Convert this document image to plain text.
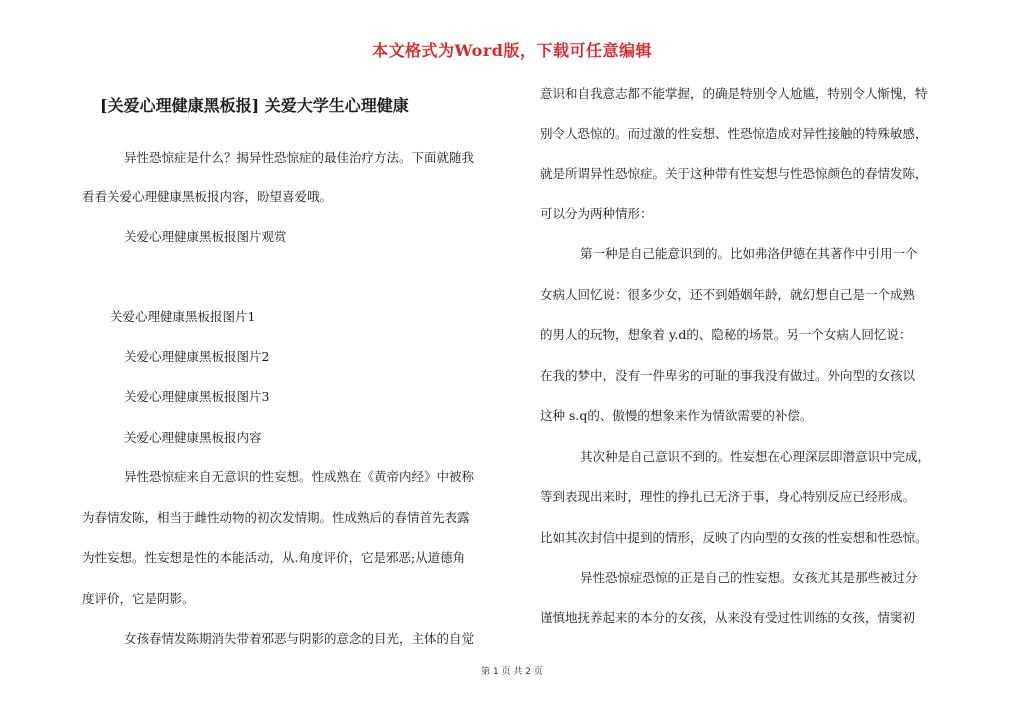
本文格式为Word版，下载可任意编辑
[关爱心理健康黑板报] 关爱大学生心理健康
异性恐惊症是什么？揭异性恐惊症的最佳治疗方法。下面就随我
看看关爱心理健康黑板报内容，盼望喜爱哦。
关爱心理健康黑板报图片观赏
关爱心理健康黑板报图片1
关爱心理健康黑板报图片2
关爱心理健康黑板报图片3
关爱心理健康黑板报内容
异性恐惊症来自无意识的性妄想。性成熟在《黄帝内经》中被称
为春情发陈，相当于雌性动物的初次发情期。性成熟后的春情首先表露
为性妄想。性妄想是性的本能活动，从.角度评价，它是邪恶;从道德角
度评价，它是阴影。
女孩春情发陈期消失带着邪恶与阴影的意念的目光，主体的自觉
意识和自我意志都不能掌握，的确是特别令人尬尴，特别令人惭愧，特
别令人恐惊的。而过激的性妄想、性恐惊造成对异性接触的特殊敏感，
就是所谓异性恐惊症。关于这种带有性妄想与性恐惊颜色的春情发陈，
可以分为两种情形：
第一种是自己能意识到的。比如弗洛伊德在其著作中引用一个
女病人回忆说：很多少女，还不到婚姻年龄，就幻想自己是一个成熟
的男人的玩物，想象着 y.d的、隐秘的场景。另一个女病人回忆说：
在我的梦中，没有一件卑劣的可耻的事我没有做过。外向型的女孩以
这种 s.q的、傲慢的想象来作为情欲需要的补偿。
其次种是自己意识不到的。性妄想在心理深层即潜意识中完成，
等到表现出来时，理性的挣扎已无济于事，身心特别反应已经形成。
比如其次封信中提到的情形，反映了内向型的女孩的性妄想和性恐惊。
异性恐惊症恐惊的正是自己的性妄想。女孩尤其是那些被过分
谨慎地抚养起来的本分的女孩，从来没有受过性训练的女孩，情窦初
第 1 页 共 2 页
